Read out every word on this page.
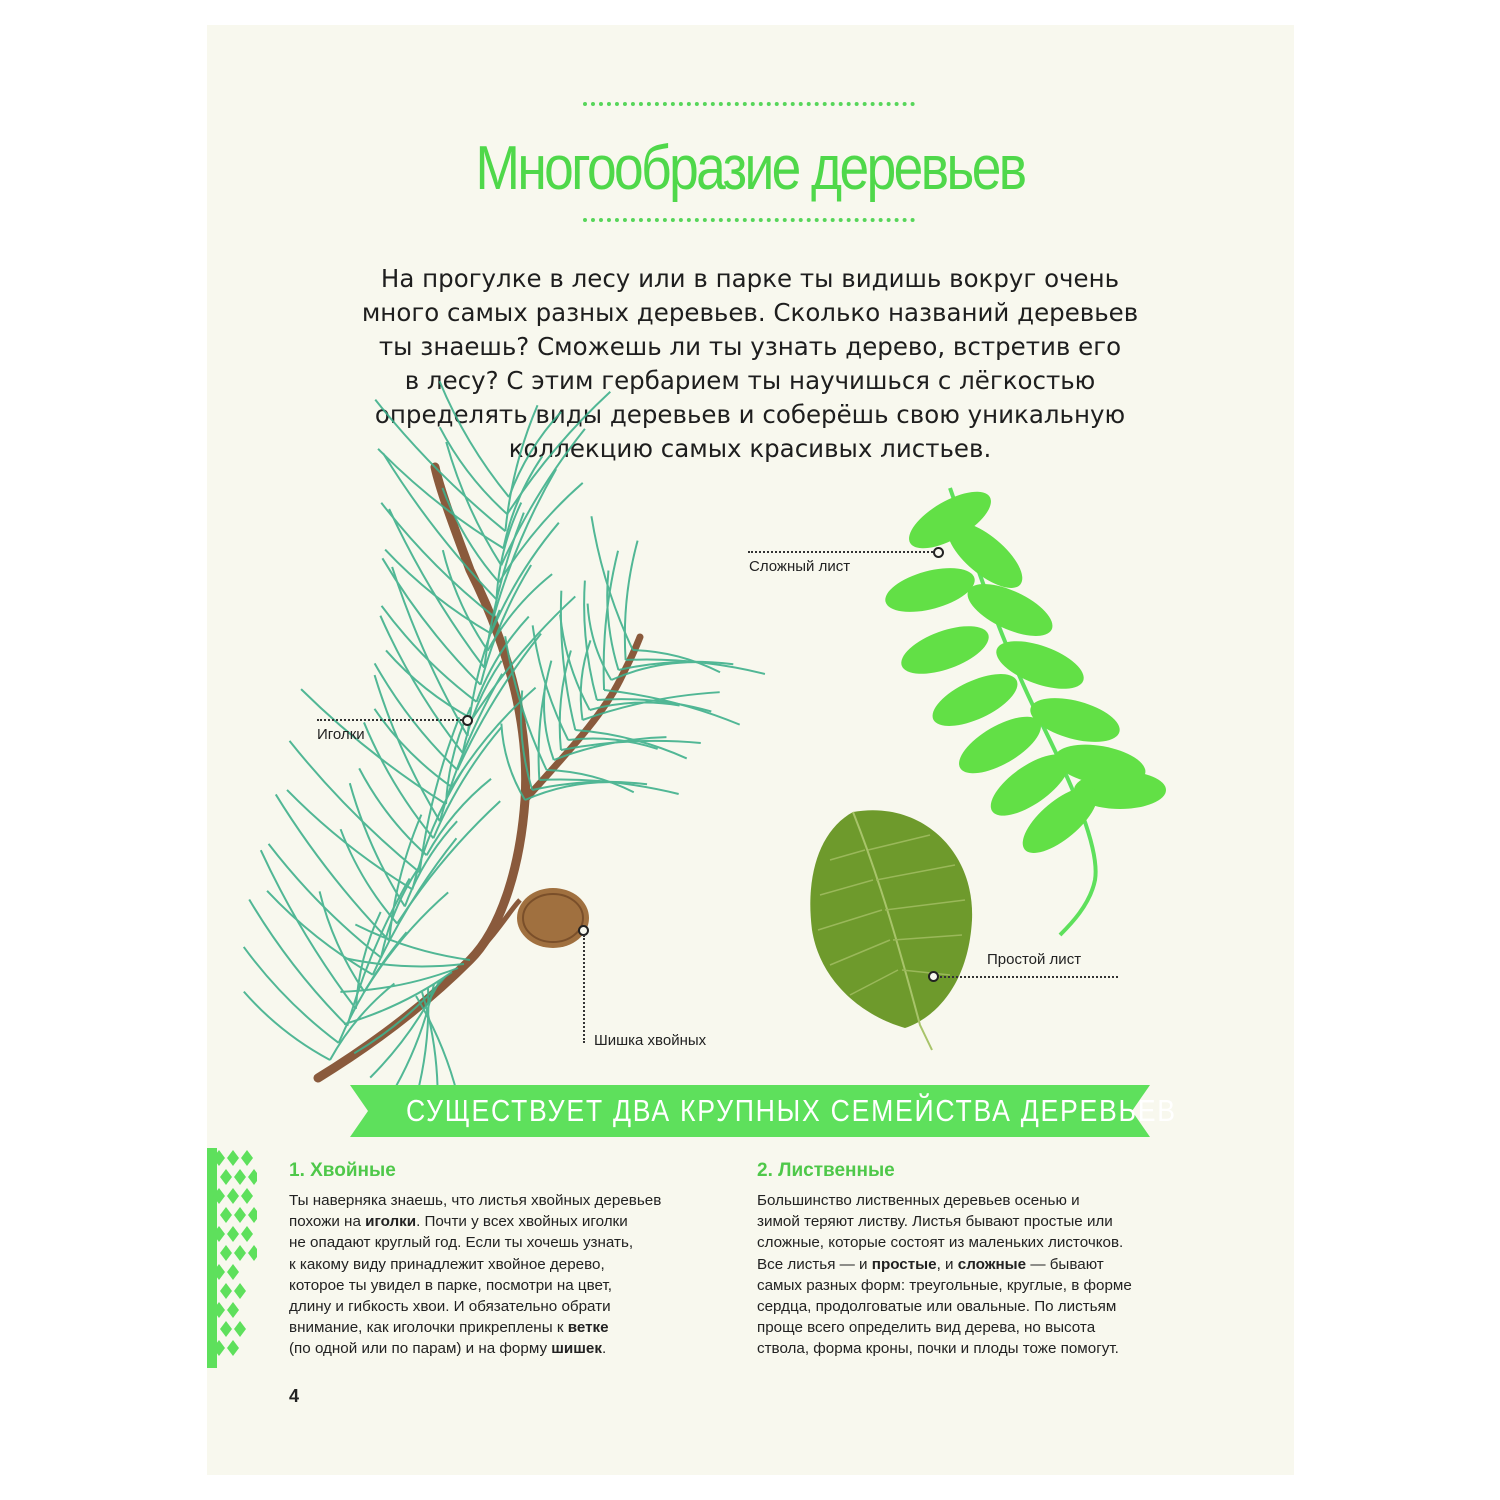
Многообразие деревьев

На прогулке в лесу или в парке ты видишь вокруг очень

много самых разных деревьев. Сколько названий деревьев

ты знаешь? Сможешь ли ты узнать дерево, встретив его

в лесу? С этим гербарием ты научишься с лёгкостью

определять виды деревьев и соберёшь свою уникальную

коллекцию самых красивых листьев.

Сложный лист
Иголки
Шишка хвойных
Простой лист
СУЩЕСТВУЕТ ДВА КРУПНЫХ СЕМЕЙСТВА ДЕРЕВЬЕВ
1. Хвойные

Ты наверняка знаешь, что листья хвойных деревьев

похожи на иголки. Почти у всех хвойных иголки

не опадают круглый год. Если ты хочешь узнать,

к какому виду принадлежит хвойное дерево,

которое ты увидел в парке, посмотри на цвет,

длину и гибкость хвои. И обязательно обрати

внимание, как иголочки прикреплены к ветке

(по одной или по парам) и на форму шишек.

2. Лиственные

Большинство лиственных деревьев осенью и

зимой теряют листву. Листья бывают простые или

сложные, которые состоят из маленьких листочков.

Все листья — и простые, и сложные — бывают

самых разных форм: треугольные, круглые, в форме

сердца, продолговатые или овальные. По листьям

проще всего определить вид дерева, но высота

ствола, форма кроны, почки и плоды тоже помогут.

4
